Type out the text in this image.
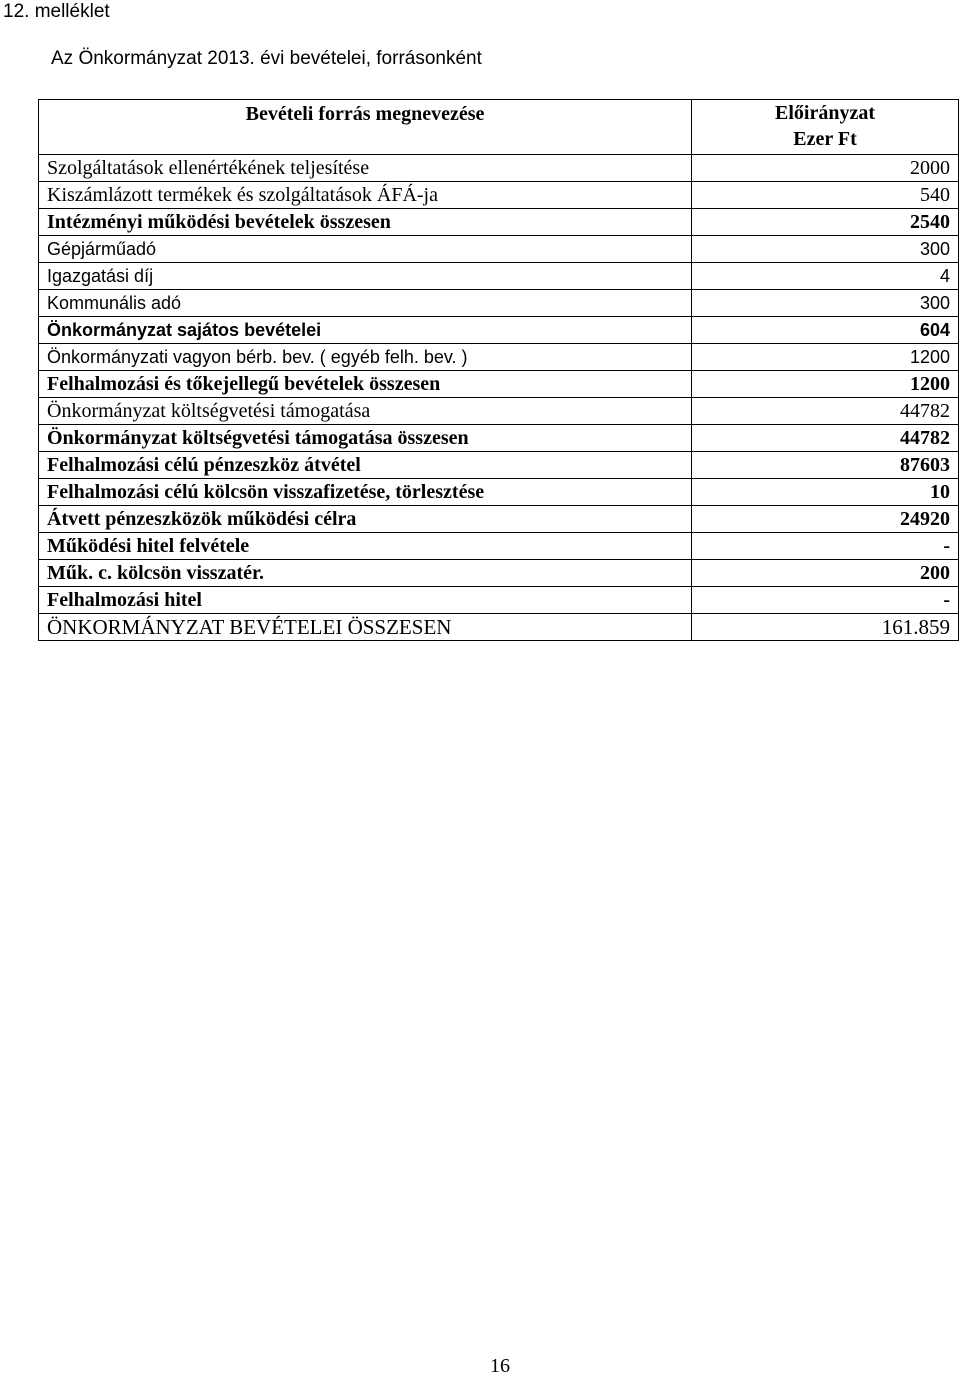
12. melléklet
Az Önkormányzat 2013. évi bevételei, forrásonként
Bevételi forrás megnevezése	Előirányzat
Ezer Ft

Szolgáltatások ellenértékének teljesítése	2000
Kiszámlázott termékek és szolgáltatások ÁFÁ-ja	540
Intézményi működési bevételek összesen	2540
Gépjárműadó	300
Igazgatási díj	4
Kommunális adó	300
Önkormányzat sajátos bevételei	604
Önkormányzati vagyon bérb. bev. ( egyéb felh. bev. )	1200
Felhalmozási és tőkejellegű bevételek összesen	1200
Önkormányzat költségvetési támogatása	44782
Önkormányzat költségvetési támogatása összesen	44782
Felhalmozási célú pénzeszköz átvétel	87603
Felhalmozási célú kölcsön visszafizetése, törlesztése	10
Átvett pénzeszközök működési célra	24920
Működési hitel felvétele	-
Műk. c. kölcsön visszatér.	200
Felhalmozási hitel	-
ÖNKORMÁNYZAT BEVÉTELEI ÖSSZESEN	161.859
16
